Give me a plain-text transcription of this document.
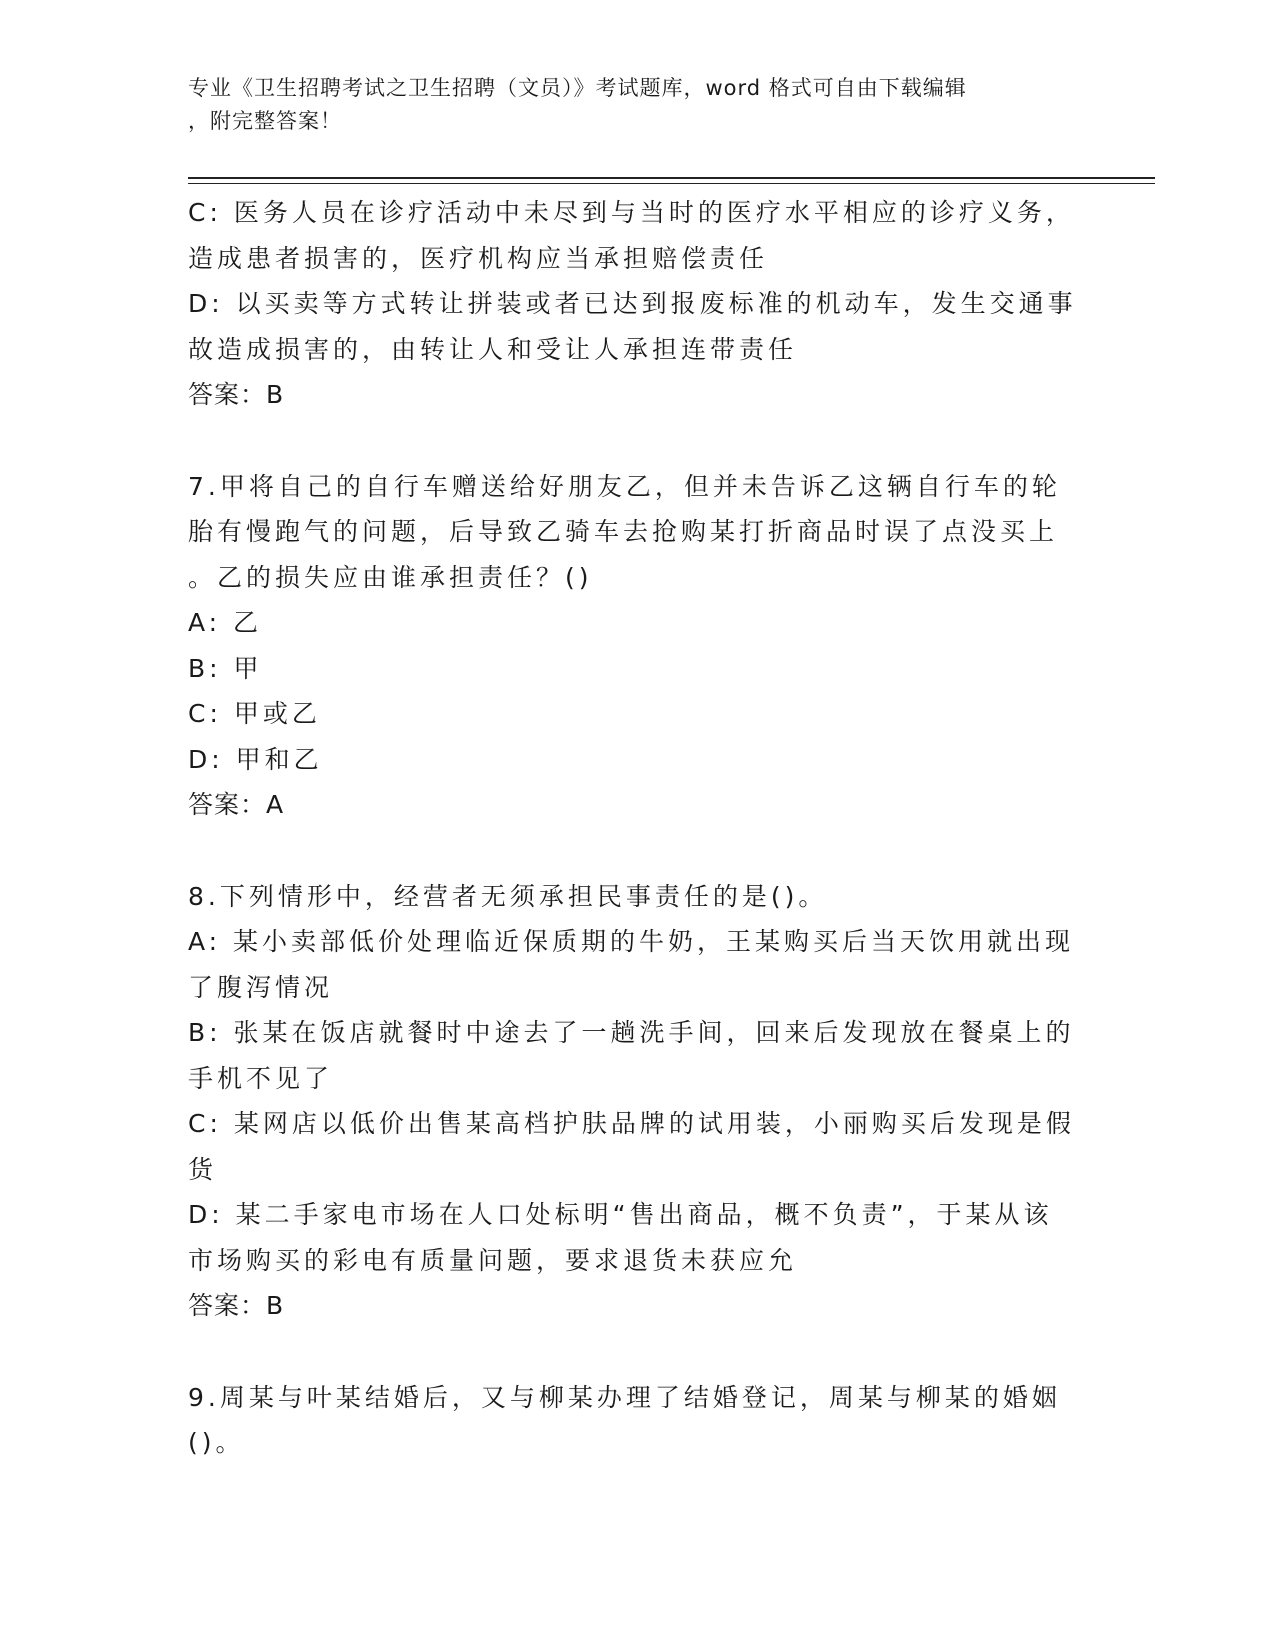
专业《卫生招聘考试之卫生招聘（文员）》考试题库，word 格式可自由下载编辑
，附完整答案！
C: 医务人员在诊疗活动中未尽到与当时的医疗水平相应的诊疗义务，
造成患者损害的，医疗机构应当承担赔偿责任
D: 以买卖等方式转让拼装或者已达到报废标准的机动车，发生交通事
故造成损害的，由转让人和受让人承担连带责任
答案：B
7.甲将自己的自行车赠送给好朋友乙，但并未告诉乙这辆自行车的轮
胎有慢跑气的问题，后导致乙骑车去抢购某打折商品时误了点没买上
。乙的损失应由谁承担责任？()
A: 乙
B: 甲
C: 甲或乙
D: 甲和乙
答案：A
8.下列情形中，经营者无须承担民事责任的是()。
A: 某小卖部低价处理临近保质期的牛奶，王某购买后当天饮用就出现
了腹泻情况
B: 张某在饭店就餐时中途去了一趟洗手间，回来后发现放在餐桌上的
手机不见了
C: 某网店以低价出售某高档护肤品牌的试用装，小丽购买后发现是假
货
D: 某二手家电市场在人口处标明“售出商品，概不负责”，于某从该
市场购买的彩电有质量问题，要求退货未获应允
答案：B
9.周某与叶某结婚后，又与柳某办理了结婚登记，周某与柳某的婚姻
()。
